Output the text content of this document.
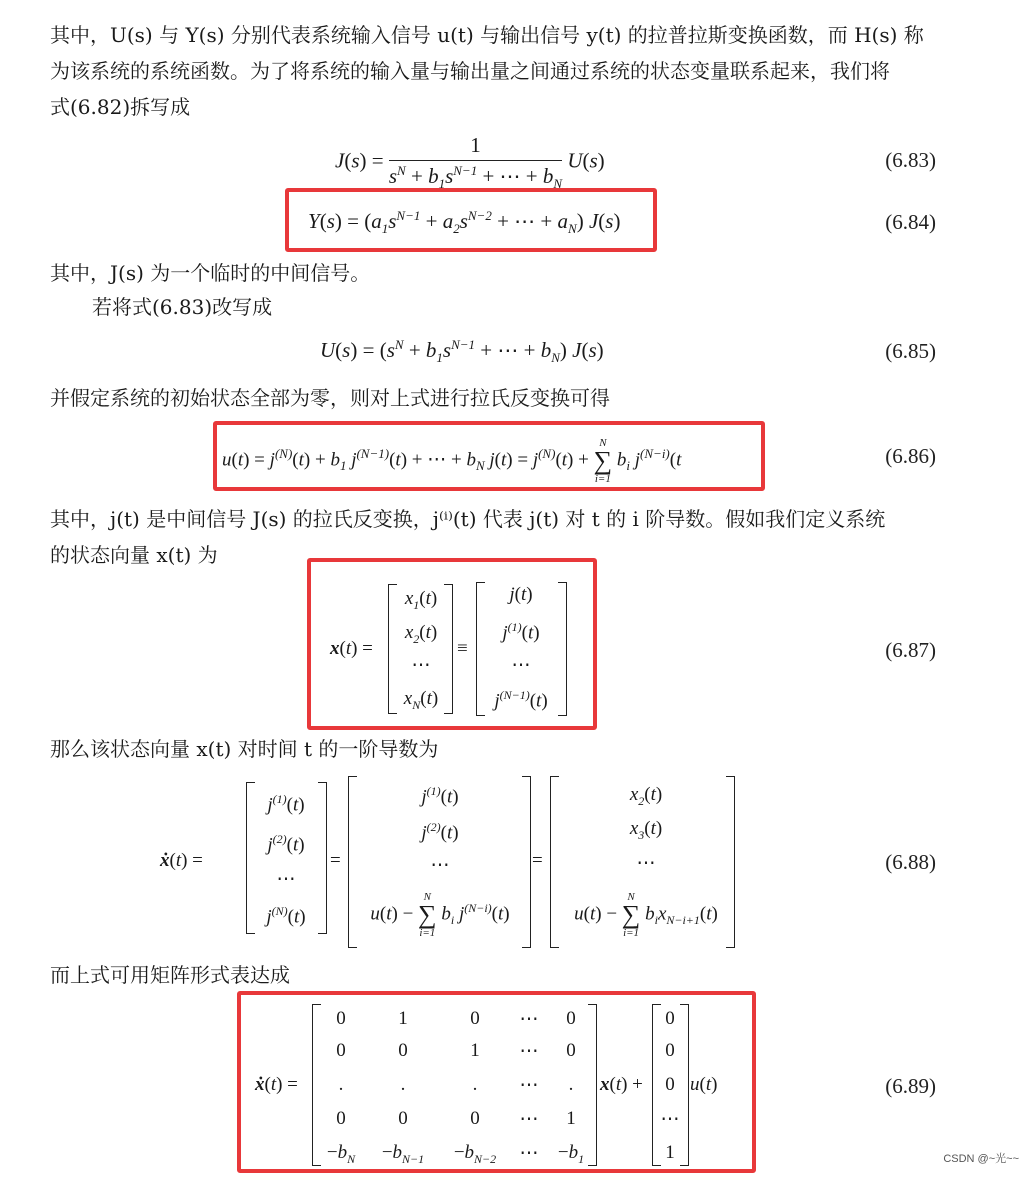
其中，U(s) 与 Y(s) 分别代表系统输入信号 u(t) 与输出信号 y(t) 的拉普拉斯变换函数，而 H(s) 称
为该系统的系统函数。为了将系统的输入量与输出量之间通过系统的状态变量联系起来，我们将
式(6.82)拆写成
$J(s) = \frac{1}{s^N + b_1s^{N-1} + \cdots + b_N} U(s)$	(6.83)
$Y(s) = (a_1s^{N-1} + a_2s^{N-2}$ + ⋯ + $a_N$) J(s)	(6.84)
其中，J(s) 为一个临时的中间信号。
若将式(6.83)改写成
$U(s) = (s^N + b_1s^{N-1}$ + ⋯ + $b_N$) J(s)	(6.85)
并假定系统的初始状态全部为零，则对上式进行拉氏反变换可得
$u(t) = j^{(N)}(t) + b_1$ $j^{(N-1)}(t)$ + ⋯ + $b_N$ $j(t) = j^{(N)}(t)$ +
N
∑
i=1
$b_i$ $j^{(N-i)}(t$	(6.86)
其中，j(t) 是中间信号 J(s) 的拉氏反变换，j⁽ⁱ⁾(t) 代表 j(t) 对 t 的 i 阶导数。假如我们定义系统
的状态向量 x(t) 为
x(t) =
$x_1(t)$
$x_2(t)$
⋯
$x_N(t)$
≡
j(t)
$j^{(1)}(t)$
⋯
$j^{(N-1)}(t)$
(6.87)
那么该状态向量 x(t) 对时间 t 的一阶导数为
ẋ(t) =
$j^{(1)}(t)$
$j^{(2)}(t)$
⋯
$j^{(N)}(t)$
=
$j^{(1)}(t)$
$j^{(2)}(t)$
⋯
u(t) −
N
∑
i=1
$b_i$ $j^{(N-i)}(t)$
=
$x_2(t)$
$x_3(t)$
⋯
u(t) −
N
∑
i=1
$b_ix_{N-i+1}(t)$
(6.88)
而上式可用矩阵形式表达成
ẋ(t) =
0	1	0	⋯	0
0	0	1	⋯	0
.	.	.	⋯	.
0	0	0	⋯	1
$-b_N$	$-b_{N-1}$	$-b_{N-2}$	⋯	$-b_1$
x(t) +
0
0
0
⋯
1
u(t)	(6.89)
CSDN @~光~~
